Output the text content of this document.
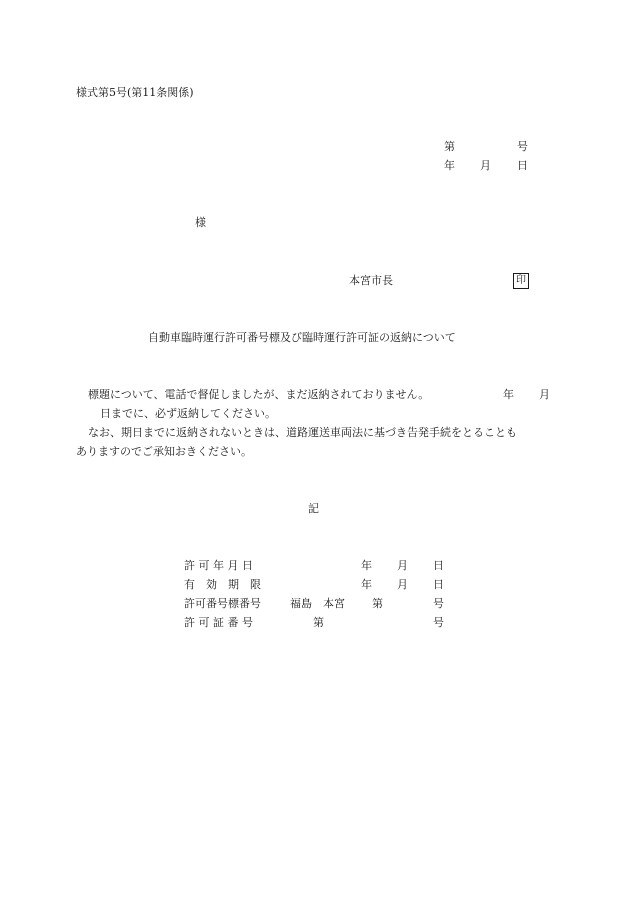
様式第5号(第11条関係)
第	号
年 月 日
様
本宮市長	印
自動車臨時運行許可番号標及び臨時運行許可証の返納について
標題について、電話で督促しましたが、まだ返納されておりません。	年 月
日までに、必ず返納してください。
なお、期日までに返納されないときは、道路運送車両法に基づき告発手続をとることも
ありますのでご承知おきください。
記
許 可 年 月 日	年 月 日
有　効　期　限	年 月 日
許可番号標番号	福島　本宮 第	号
許 可 証 番 号	第	号
